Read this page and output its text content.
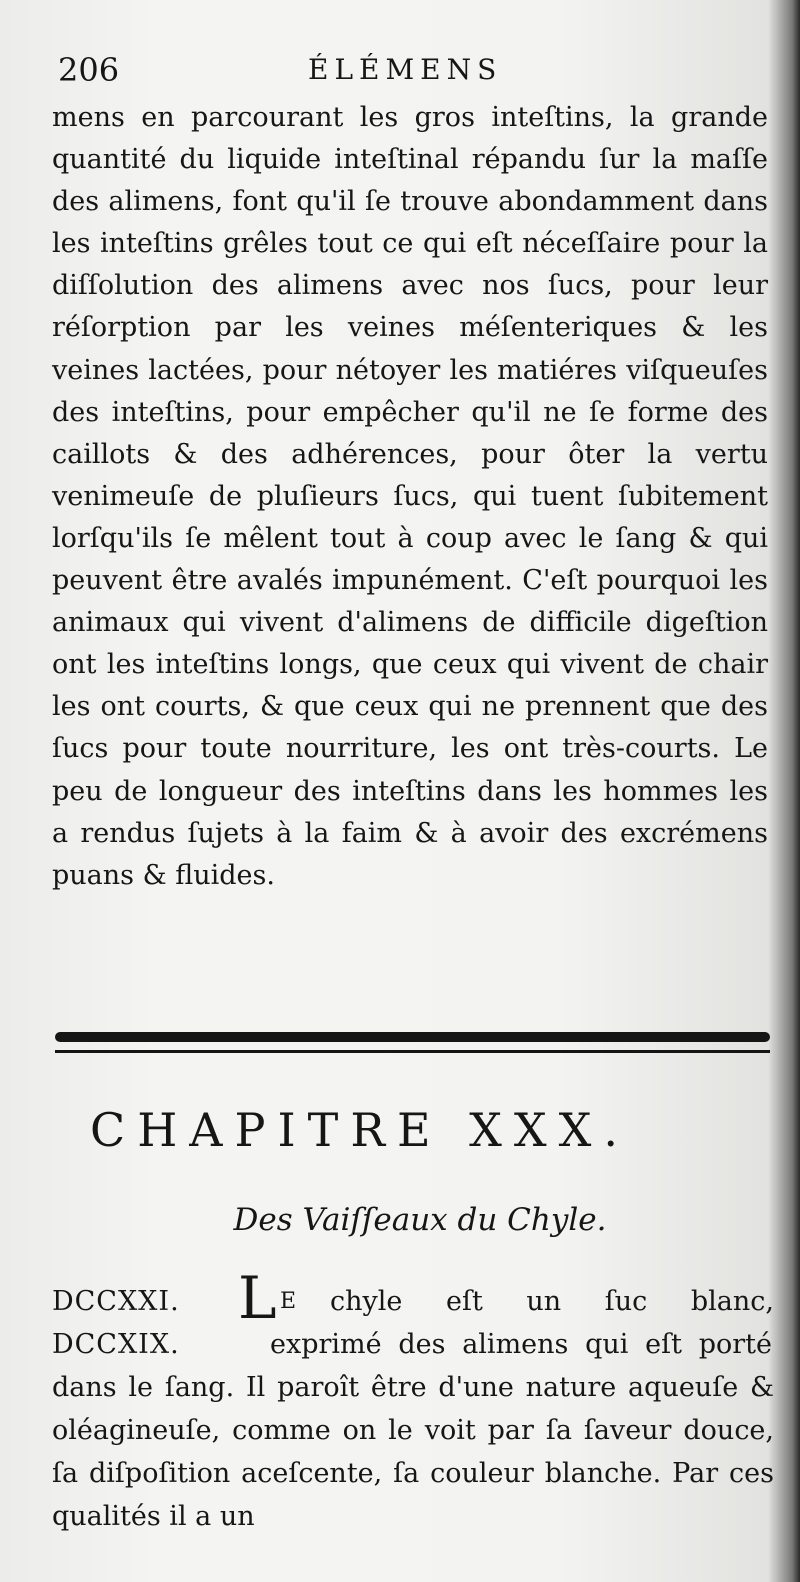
206	ÉLÉMENS

mens en parcourant les gros inteſtins, la grande quantité du liquide inteſtinal répandu ſur la maſſe des alimens, font qu'il ſe trouve abondamment dans les inteſtins grêles tout ce qui eſt néceſſaire pour la diſſolution des alimens avec nos ſucs, pour leur réſorption par les veines méſenteriques & les veines lactées, pour nétoyer les matiéres viſqueuſes des inteſtins, pour empêcher qu'il ne ſe forme des caillots & des adhérences, pour ôter la vertu venimeuſe de pluſieurs ſucs, qui tuent ſubitement lorſqu'ils ſe mêlent tout à coup avec le ſang & qui peuvent être avalés impunément. C'eſt pourquoi les animaux qui vivent d'alimens de difficile digeſtion ont les inteſtins longs, que ceux qui vivent de chair les ont courts, & que ceux qui ne prennent que des ſucs pour toute nourriture, les ont très-courts. Le peu de longueur des inteſtins dans les hommes les a rendus ſujets à la faim & à avoir des excrémens puans & fluides.

CHAPITRE XXX.
Des Vaiſſeaux du Chyle.
DCCXXI.
DCCXIX.
L E chyle eſt un ſuc blanc,
exprimé des alimens qui eſt porté
dans le ſang. Il paroît être d'une nature aqueuſe & oléagineuſe, comme on le voit par ſa ſaveur douce, ſa diſpoſition aceſcente, ſa couleur blanche. Par ces qualités il a un
